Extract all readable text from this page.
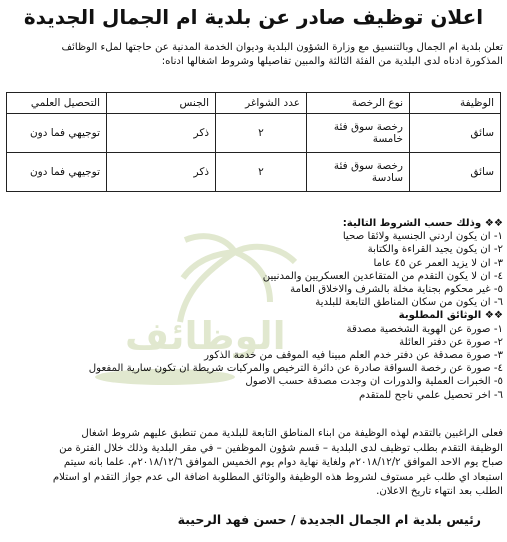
الوظائف
اعلان توظيف صادر عن بلدية ام الجمال الجديدة
تعلن بلدية ام الجمال وبالتنسيق مع وزارة الشؤون البلدية وديوان الخدمة المدنية عن حاجتها لملء الوظائف
المذكورة ادناه لدى البلدية من الفئة الثالثة والمبين تفاصيلها وشروط اشغالها ادناه:
الوظيفة	نوع الرخصة	عدد الشواغر	الجنس	التحصيل العلمي
سائق	رخصة سوق فئة خامسة	٢	ذكر	توجيهي فما دون
سائق	رخصة سوق فئة سادسة	٢	ذكر	توجيهي فما دون
❖❖ وذلك حسب الشروط التالية:
١- ان يكون اردني الجنسية ولائقا صحيا
٢- ان يكون يجيد القراءة والكتابة
٣- ان لا يزيد العمر عن ٤٥ عاما
٤- ان لا يكون التقدم من المتقاعدين العسكريين والمدنيين
٥- غير محكوم بجناية مخلة بالشرف والاخلاق العامة
٦- ان يكون من سكان المناطق التابعة للبلدية
❖❖ الوثائق المطلوبة
١- صورة عن الهوية الشخصية مصدقة
٢- صورة عن دفتر العائلة
٣- صورة مصدقة عن دفتر خدم العلم مبينا فيه الموقف من خدمة الذكور
٤- صورة عن رخصة السواقة صادرة عن دائرة الترخيص والمركبات شريطة ان تكون سارية المفعول
٥- الخبرات العملية والدورات ان وجدت مصدقة حسب الاصول
٦- اخر تحصيل علمي ناجح للمتقدم
فعلى الراغبين بالتقدم لهذه الوظيفة من ابناء المناطق التابعة للبلدية ممن تنطبق عليهم شروط اشغال
الوظيفة التقدم بطلب توظيف لدى البلدية – قسم شؤون الموظفين – في مقر البلدية وذلك خلال الفترة من
صباح يوم الاحد الموافق ٢٠١٨/١٢/٢م ولغاية نهاية دوام يوم الخميس الموافق ٢٠١٨/١٢/٦م. علما بانه سيتم
استبعاد اي طلب غير مستوف لشروط هذه الوظيفة والوثائق المطلوبة اضافة الى عدم جواز التقدم او استلام
الطلب بعد انتهاء تاريخ الاعلان.
رئيس بلدية ام الجمال الجديدة / حسن فهد الرحيبة
